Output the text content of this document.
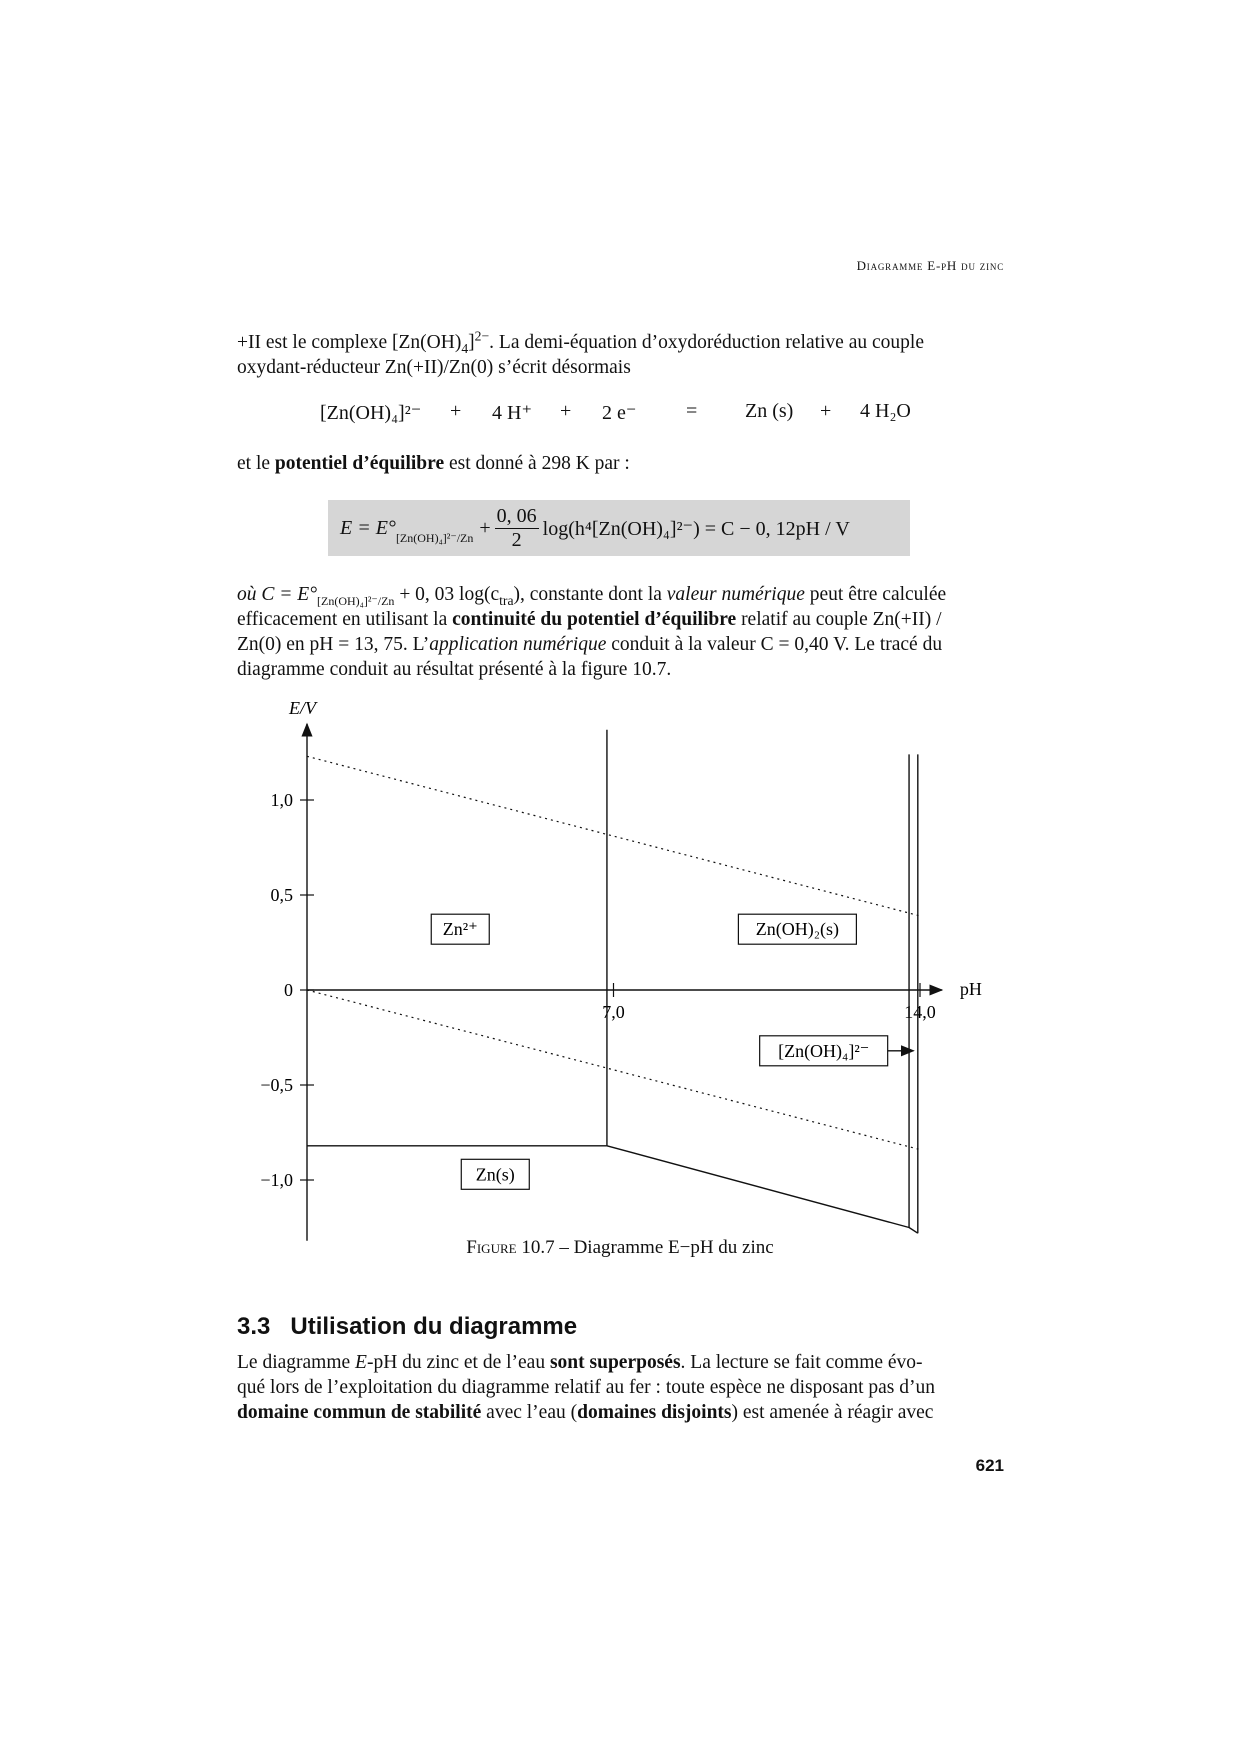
Diagramme E-pH du zinc
+II est le complexe $[Zn(OH)_4]^{2-}$. La demi-équation d’oxydoréduction relative au couple
oxydant-réducteur Zn(+II)/Zn(0) s’écrit désormais
[Zn(OH)₄]²⁻ + 4 H⁺ + 2 e⁻ = Zn (s) + 4 H₂O
et le potentiel d’équilibre est donné à 298 K par :
$E = E^\circ_{[Zn(OH)_4]^{2-}/Zn} + \frac{0, 06}{2} \log(h^4[Zn(OH)_4]^{2-}) = C - 0$, 12pH / V
où $C = E^\circ_{[Zn(OH)_4]^{2-}/Zn} + 0$, 03 $\log(c_{tra})$, constante dont la valeur numérique peut être calculée
efficacement en utilisant la continuité du potentiel d’équilibre relatif au couple Zn(+II) /
Zn(0) en pH = 13, 75. L’application numérique conduit à la valeur C = 0,40 V. Le tracé du
diagramme conduit au résultat présenté à la figure 10.7.
E/V
pH
1,0
0,5
0
−0,5
−1,0
7,0	14,0
Zn²⁺	Zn(OH)₂(s)
[Zn(OH)₄]²⁻
Zn(s)
Figure 10.7 – Diagramme E−pH du zinc
3.3 Utilisation du diagramme
Le diagramme E-pH du zinc et de l’eau sont superposés. La lecture se fait comme évo-
qué lors de l’exploitation du diagramme relatif au fer : toute espèce ne disposant pas d’un
domaine commun de stabilité avec l’eau (domaines disjoints) est amenée à réagir avec
621
